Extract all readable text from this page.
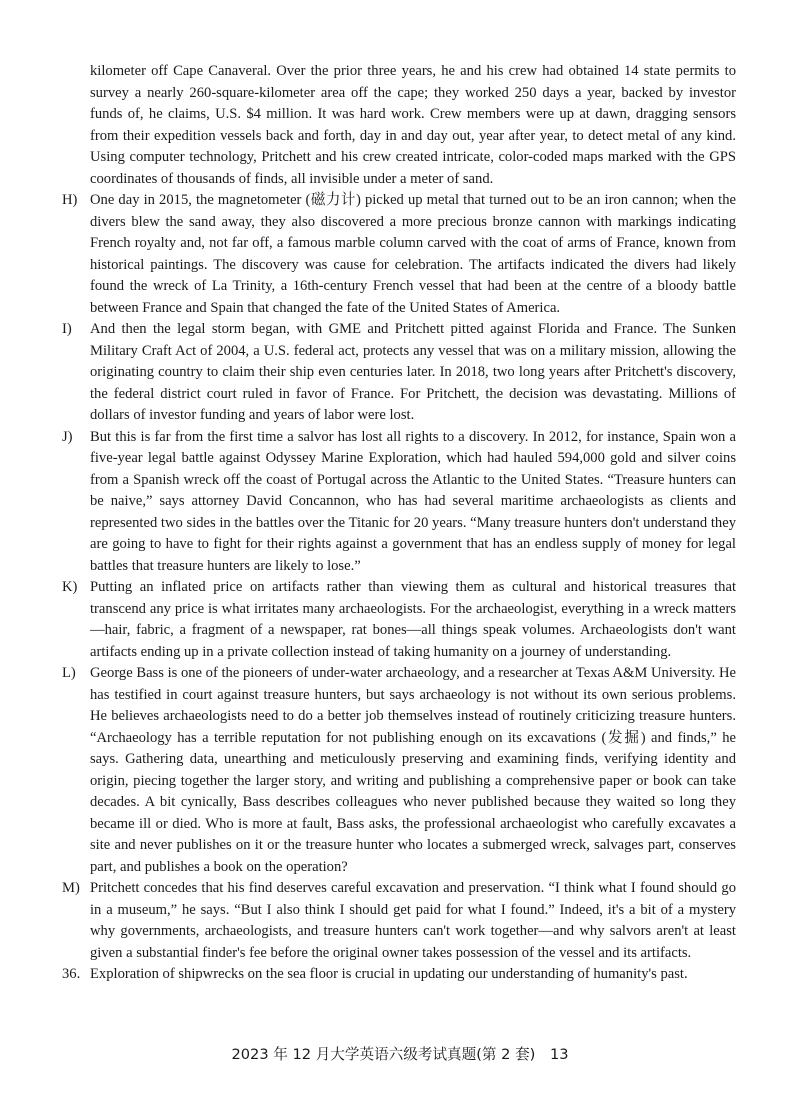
kilometer off Cape Canaveral. Over the prior three years, he and his crew had obtained 14 state permits to survey a nearly 260-square-kilometer area off the cape; they worked 250 days a year, backed by investor funds of, he claims, U.S. $4 million. It was hard work. Crew members were up at dawn, dragging sensors from their expedition vessels back and forth, day in and day out, year after year, to detect metal of any kind. Using computer technology, Pritchett and his crew created intricate, color-coded maps marked with the GPS coordinates of thousands of finds, all invisible under a meter of sand.

H) One day in 2015, the magnetometer (磁力计) picked up metal that turned out to be an iron cannon; when the divers blew the sand away, they also discovered a more precious bronze cannon with markings indicating French royalty and, not far off, a famous marble column carved with the coat of arms of France, known from historical paintings. The discovery was cause for celebration. The artifacts indicated the divers had likely found the wreck of La Trinity, a 16th-century French vessel that had been at the centre of a bloody battle between France and Spain that changed the fate of the United States of America.
I)	And then the legal storm began, with GME and Pritchett pitted against Florida and France. The Sunken Military Craft Act of 2004, a U.S. federal act, protects any vessel that was on a military mission, allowing the originating country to claim their ship even centuries later. In 2018, two long years after Pritchett's discovery, the federal district court ruled in favor of France. For Pritchett, the decision was devastating. Millions of dollars of investor funding and years of labor were lost.
J)	But this is far from the first time a salvor has lost all rights to a discovery. In 2012, for instance, Spain won a five-year legal battle against Odyssey Marine Exploration, which had hauled 594,000 gold and silver coins from a Spanish wreck off the coast of Portugal across the Atlantic to the United States. “Treasure hunters can be naive,” says attorney David Concannon, who has had several maritime archaeologists as clients and represented two sides in the battles over the Titanic for 20 years. “Many treasure hunters don't understand they are going to have to fight for their rights against a government that has an endless supply of money for legal battles that treasure hunters are likely to lose.”
K) Putting an inflated price on artifacts rather than viewing them as cultural and historical treasures that transcend any price is what irritates many archaeologists. For the archaeologist, everything in a wreck matters—hair, fabric, a fragment of a newspaper, rat bones—all things speak volumes. Archaeologists don't want artifacts ending up in a private collection instead of taking humanity on a journey of understanding.
L) George Bass is one of the pioneers of under-water archaeology, and a researcher at Texas A&M University. He has testified in court against treasure hunters, but says archaeology is not without its own serious problems. He believes archaeologists need to do a better job themselves instead of routinely criticizing treasure hunters. “Archaeology has a terrible reputation for not publishing enough on its excavations (发掘) and finds,” he says. Gathering data, unearthing and meticulously preserving and examining finds, verifying identity and origin, piecing together the larger story, and writing and publishing a comprehensive paper or book can take decades. A bit cynically, Bass describes colleagues who never published because they waited so long they became ill or died. Who is more at fault, Bass asks, the professional archaeologist who carefully excavates a site and never publishes on it or the treasure hunter who locates a submerged wreck, salvages part, conserves part, and publishes a book on the operation?
M) Pritchett concedes that his find deserves careful excavation and preservation. “I think what I found should go in a museum,” he says. “But I also think I should get paid for what I found.” Indeed, it's a bit of a mystery why governments, archaeologists, and treasure hunters can't work together—and why salvors aren't at least given a substantial finder's fee before the original owner takes possession of the vessel and its artifacts.
36. Exploration of shipwrecks on the sea floor is crucial in updating our understanding of humanity's past.
2023 年 12 月大学英语六级考试真题(第 2 套)　13
